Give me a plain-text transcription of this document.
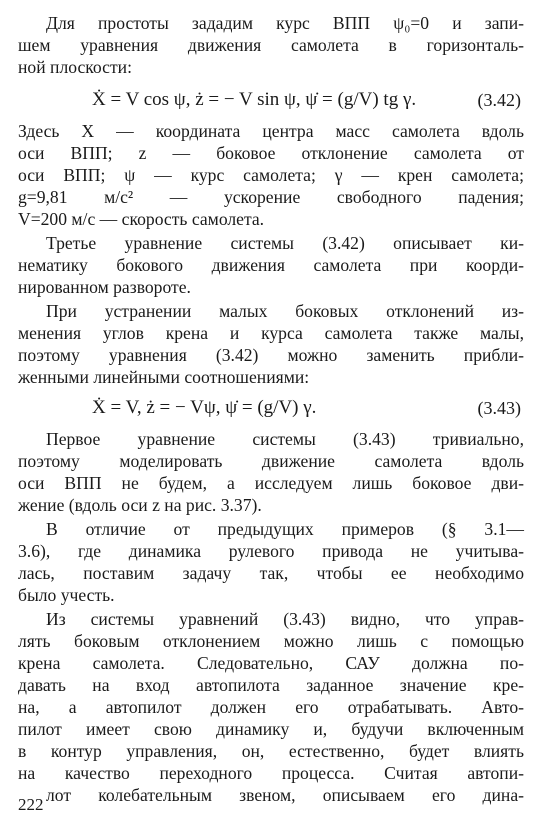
Для простоты зададим курс ВПП ψ₀=0 и запи-
шем уравнения движения самолета в горизонталь-
ной плоскости:
Ẋ = V cos ψ, ż = − V sin ψ, ψ̇ = (g/V) tg γ.	(3.42)
Здесь X — координата центра масс самолета вдоль
оси ВПП; z — боковое отклонение самолета от
оси ВПП; ψ — курс самолета; γ — крен самолета;
g=9,81 м/с² — ускорение свободного падения;
V=200 м/с — скорость самолета.
Третье уравнение системы (3.42) описывает ки-
нематику бокового движения самолета при коорди-
нированном развороте.
При устранении малых боковых отклонений из-
менения углов крена и курса самолета также малы,
поэтому уравнения (3.42) можно заменить прибли-
женными линейными соотношениями:
Ẋ = V, ż = − Vψ, ψ̇ = (g/V) γ.	(3.43)
Первое уравнение системы (3.43) тривиально,
поэтому моделировать движение самолета вдоль
оси ВПП не будем, а исследуем лишь боковое дви-
жение (вдоль оси z на рис. 3.37).
В отличие от предыдущих примеров (§ 3.1—
3.6), где динамика рулевого привода не учитыва-
лась, поставим задачу так, чтобы ее необходимо
было учесть.
Из системы уравнений (3.43) видно, что управ-
лять боковым отклонением можно лишь с помощью
крена самолета. Следовательно, САУ должна по-
давать на вход автопилота заданное значение кре-
на, а автопилот должен его отрабатывать. Авто-
пилот имеет свою динамику и, будучи включенным
в контур управления, он, естественно, будет влиять
на качество переходного процесса. Считая автопи-
лот колебательным звеном, описываем его дина-
222
